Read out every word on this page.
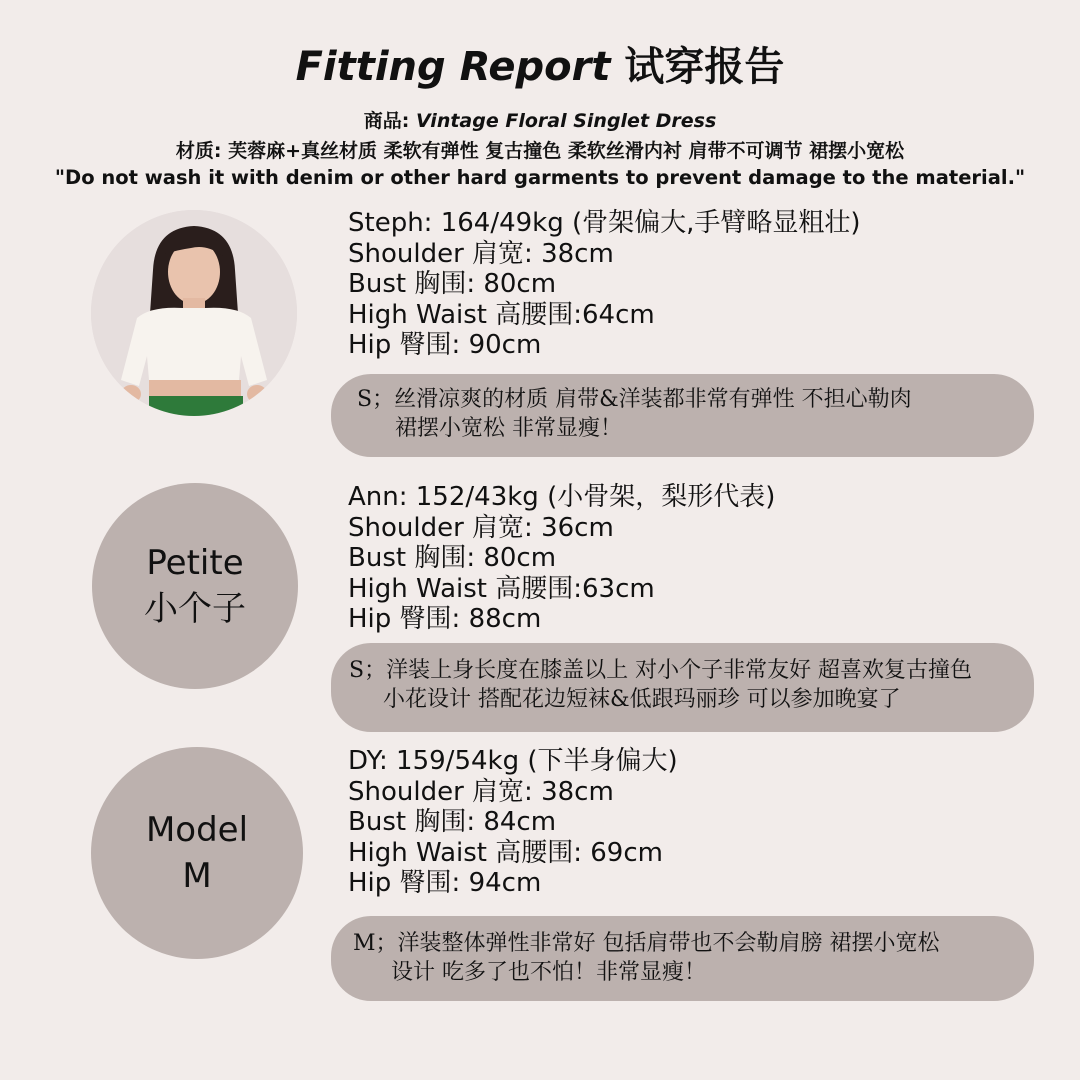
Fitting Report 试穿报告
商品: Vintage Floral Singlet Dress
材质: 芙蓉麻+真丝材质 柔软有弹性 复古撞色 柔软丝滑内衬 肩带不可调节 裙摆小宽松
"Do not wash it with denim or other hard garments to prevent damage to the material."
Petite
小个子
Model
M
Steph: 164/49kg (骨架偏大,手臂略显粗壮)
Shoulder 肩宽: 38cm
Bust 胸围: 80cm
High Waist 高腰围:64cm
Hip 臀围: 90cm
Ann: 152/43kg (小骨架，梨形代表)
Shoulder 肩宽: 36cm
Bust 胸围: 80cm
High Waist 高腰围:63cm
Hip 臀围: 88cm
DY: 159/54kg (下半身偏大)
Shoulder 肩宽: 38cm
Bust 胸围: 84cm
High Waist 高腰围: 69cm
Hip 臀围: 94cm
S；丝滑凉爽的材质 肩带&洋装都非常有弹性 不担心勒肉
裙摆小宽松 非常显瘦！
S；洋装上身长度在膝盖以上 对小个子非常友好 超喜欢复古撞色
小花设计 搭配花边短袜&低跟玛丽珍 可以参加晚宴了
M；洋装整体弹性非常好 包括肩带也不会勒肩膀 裙摆小宽松
设计 吃多了也不怕！非常显瘦！
